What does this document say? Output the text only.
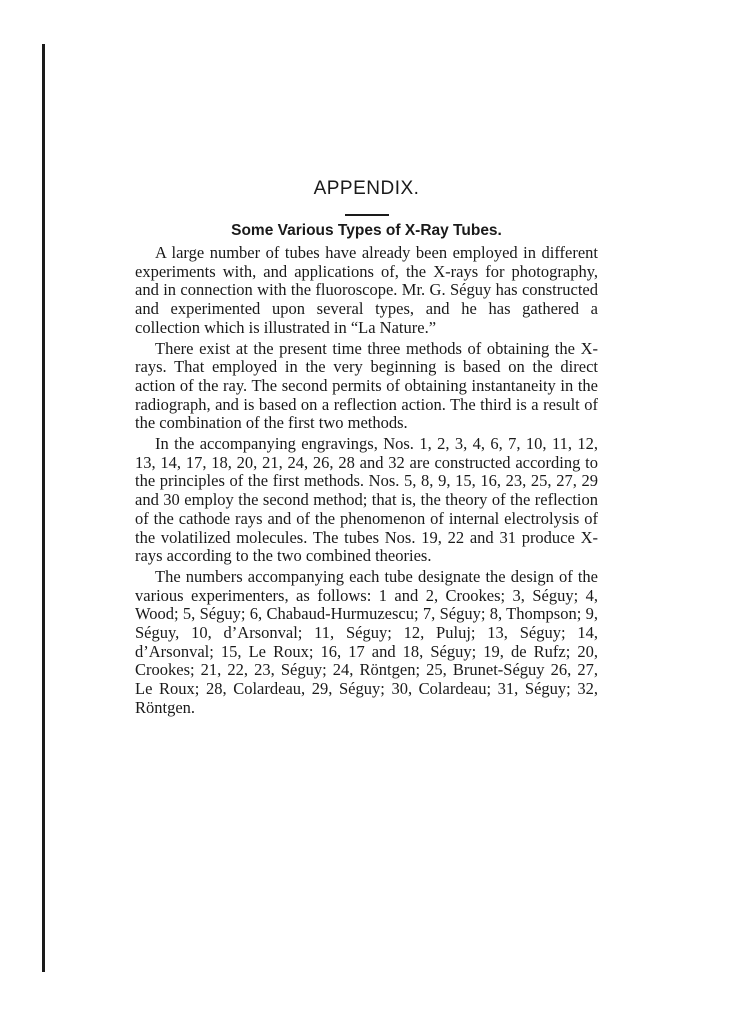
APPENDIX.
Some Various Types of X-Ray Tubes.

A large number of tubes have already been employed in different experiments with, and applications of, the X-rays for photography, and in connection with the fluoroscope. Mr. G. Séguy has constructed and experimented upon several types, and he has gathered a collection which is illustrated in “La Nature.”

There exist at the present time three methods of obtaining the X-rays. That employed in the very beginning is based on the direct action of the ray. The second permits of obtaining instantaneity in the radiograph, and is based on a reflection action. The third is a result of the combination of the first two methods.

In the accompanying engravings, Nos. 1, 2, 3, 4, 6, 7, 10, 11, 12, 13, 14, 17, 18, 20, 21, 24, 26, 28 and 32 are constructed according to the principles of the first methods. Nos. 5, 8, 9, 15, 16, 23, 25, 27, 29 and 30 employ the second method; that is, the theory of the reflection of the cathode rays and of the phenomenon of internal electrolysis of the volatilized molecules. The tubes Nos. 19, 22 and 31 produce X-rays according to the two combined theories.

The numbers accompanying each tube designate the design of the various experimenters, as follows: 1 and 2, Crookes; 3, Séguy; 4, Wood; 5, Séguy; 6, Chabaud-Hurmuzescu; 7, Séguy; 8, Thompson; 9, Séguy, 10, d’Arsonval; 11, Séguy; 12, Puluj; 13, Séguy; 14, d’Arsonval; 15, Le Roux; 16, 17 and 18, Séguy; 19, de Rufz; 20, Crookes; 21, 22, 23, Séguy; 24, Röntgen; 25, Brunet-Séguy 26, 27, Le Roux; 28, Colardeau, 29, Séguy; 30, Colardeau; 31, Séguy; 32, Röntgen.
